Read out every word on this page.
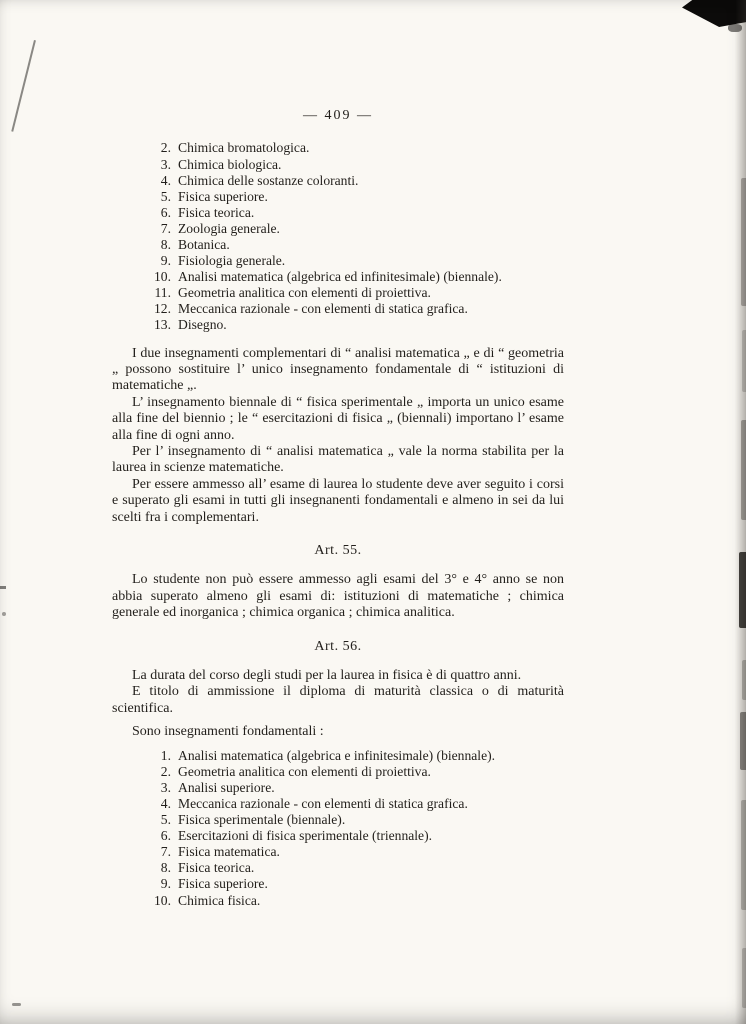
— 409 —
2. Chimica bromatologica.
3. Chimica biologica.
4. Chimica delle sostanze coloranti.
5. Fisica superiore.
6. Fisica teorica.
7. Zoologia generale.
8. Botanica.
9. Fisiologia generale.
10. Analisi matematica (algebrica ed infinitesimale) (biennale).
11. Geometria analitica con elementi di proiettiva.
12. Meccanica razionale - con elementi di statica grafica.
13. Disegno.

I due insegnamenti complementari di “ analisi matematica „ e di “ geometria „ possono sostituire l’ unico insegnamento fondamentale di “ istituzioni di matematiche „.

L’ insegnamento biennale di “ fisica sperimentale „ importa un unico esame alla fine del biennio ; le “ esercitazioni di fisica „ (biennali) importano l’ esame alla fine di ogni anno.

Per l’ insegnamento di “ analisi matematica „ vale la norma stabilita per la laurea in scienze matematiche.

Per essere ammesso all’ esame di laurea lo studente deve aver seguito i corsi e superato gli esami in tutti gli insegnanenti fondamentali e almeno in sei da lui scelti fra i complementari.

Art. 55.

Lo studente non può essere ammesso agli esami del 3° e 4° anno se non abbia superato almeno gli esami di: istituzioni di matematiche ; chimica generale ed inorganica ; chimica organica ; chimica analitica.

Art. 56.

La durata del corso degli studi per la laurea in fisica è di quattro anni.

E titolo di ammissione il diploma di maturità classica o di maturità scientifica.

Sono insegnamenti fondamentali :

1. Analisi matematica (algebrica e infinitesimale) (biennale).
2. Geometria analitica con elementi di proiettiva.
3. Analisi superiore.
4. Meccanica razionale - con elementi di statica grafica.
5. Fisica sperimentale (biennale).
6. Esercitazioni di fisica sperimentale (triennale).
7. Fisica matematica.
8. Fisica teorica.
9. Fisica superiore.
10. Chimica fisica.
